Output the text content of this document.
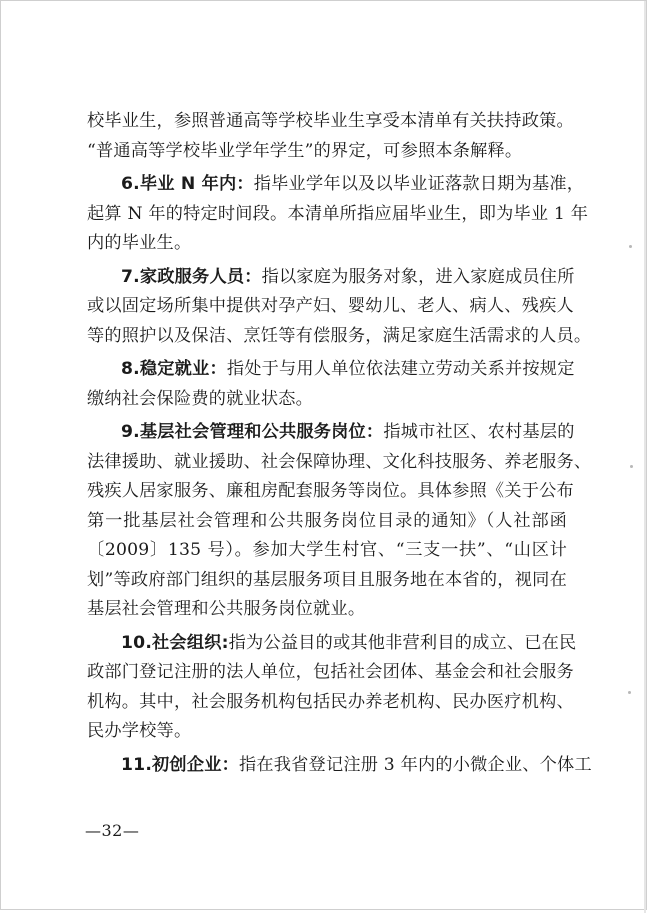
校毕业生，参照普通高等学校毕业生享受本清单有关扶持政策。
“普通高等学校毕业学年学生”的界定，可参照本条解释。
6.毕业 N 年内：指毕业学年以及以毕业证落款日期为基准，
起算 N 年的特定时间段。本清单所指应届毕业生，即为毕业 1 年
内的毕业生。
7.家政服务人员：指以家庭为服务对象，进入家庭成员住所
或以固定场所集中提供对孕产妇、婴幼儿、老人、病人、残疾人
等的照护以及保洁、烹饪等有偿服务，满足家庭生活需求的人员。
8.稳定就业：指处于与用人单位依法建立劳动关系并按规定
缴纳社会保险费的就业状态。
9.基层社会管理和公共服务岗位：指城市社区、农村基层的
法律援助、就业援助、社会保障协理、文化科技服务、养老服务、
残疾人居家服务、廉租房配套服务等岗位。具体参照《关于公布
第一批基层社会管理和公共服务岗位目录的通知》（人社部函
〔2009〕135 号）。参加大学生村官、“三支一扶”、“山区计
划”等政府部门组织的基层服务项目且服务地在本省的，视同在
基层社会管理和公共服务岗位就业。
10.社会组织:指为公益目的或其他非营利目的成立、已在民
政部门登记注册的法人单位，包括社会团体、基金会和社会服务
机构。其中，社会服务机构包括民办养老机构、民办医疗机构、
民办学校等。
11.初创企业：指在我省登记注册 3 年内的小微企业、个体工
—32—
